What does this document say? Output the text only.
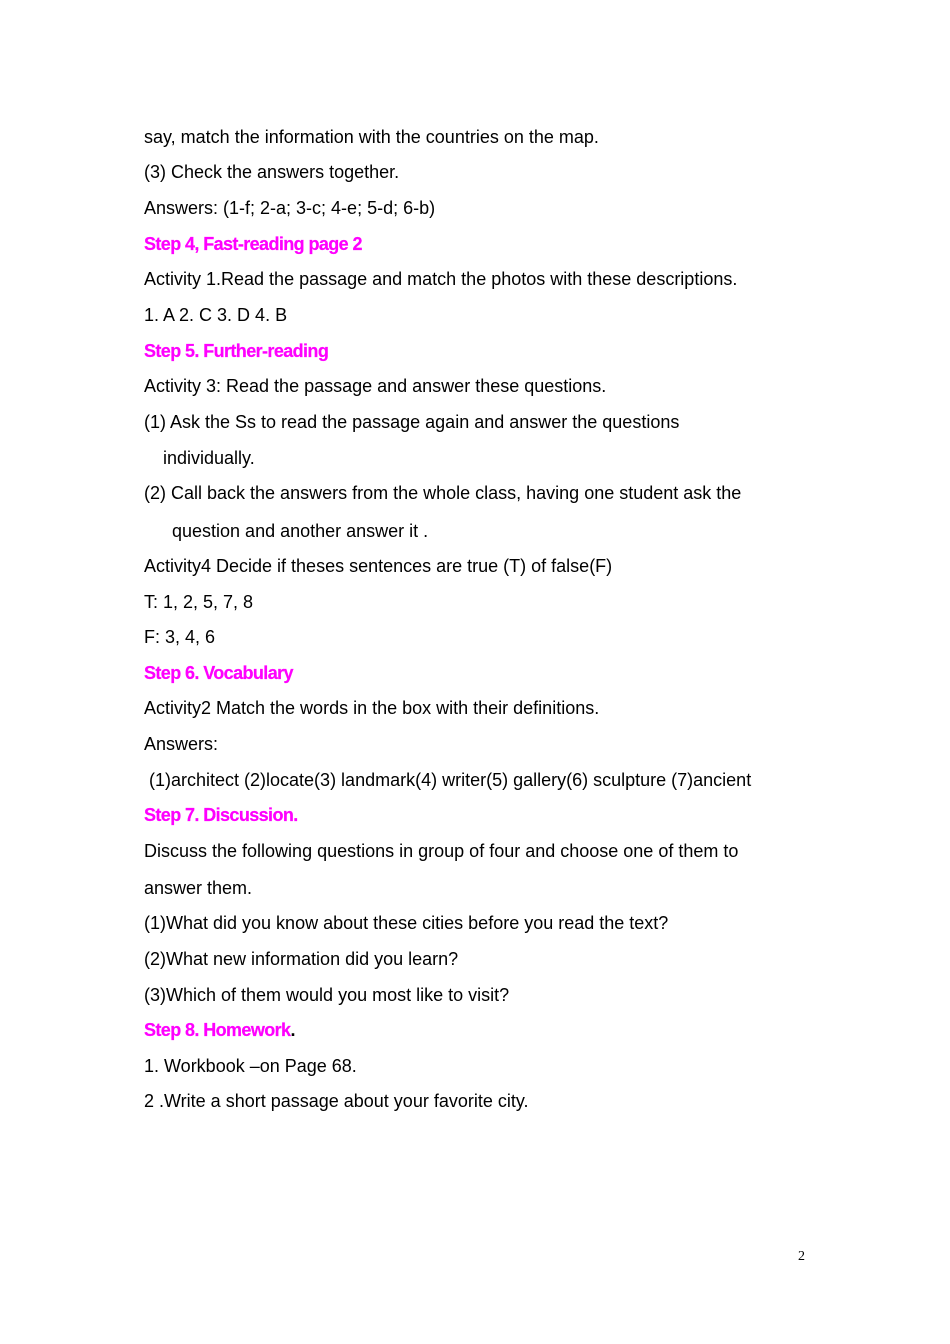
say, match the information with the countries on the map.
(3) Check the answers together.
Answers: (1-f; 2-a; 3-c; 4-e; 5-d; 6-b)
Step 4, Fast-reading page 2
Activity 1.Read the passage and match the photos with these descriptions.
1. A 2. C 3. D 4. B
Step 5. Further-reading
Activity 3: Read the passage and answer these questions.
(1) Ask the Ss to read the passage again and answer the questions
individually.
(2) Call back the answers from the whole class, having one student ask the
question and another answer it .
Activity4 Decide if theses sentences are true (T) of false(F)
T: 1, 2, 5, 7, 8
F: 3, 4, 6
Step 6. Vocabulary
Activity2 Match the words in the box with their definitions.
Answers:
(1)architect (2)locate(3) landmark(4) writer(5) gallery(6) sculpture (7)ancient
Step 7. Discussion.
Discuss the following questions in group of four and choose one of them to
answer them.
(1)What did you know about these cities before you read the text?
(2)What new information did you learn?
(3)Which of them would you most like to visit?
Step 8. Homework.
1. Workbook –on Page 68.
2 .Write a short passage about your favorite city.
2
